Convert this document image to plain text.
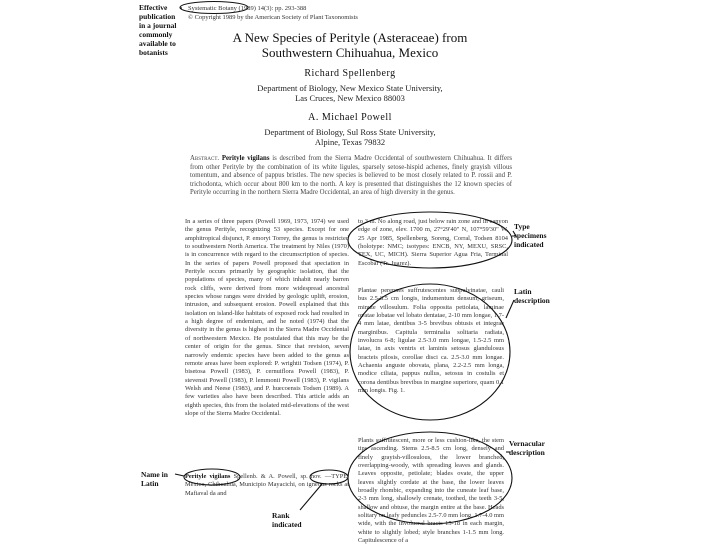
Effective publication in a journal commonly available to botanists
Type specimens indicated
Latin description
Vernacular description
Name in Latin
Rank indicated
Systematic Botany (1989) 14(3): pp. 293-388
© Copyright 1989 by the American Society of Plant Taxonomists
A New Species of Perityle (Asteraceae) from
Southwestern Chihuahua, Mexico
Richard Spellenberg
Department of Biology, New Mexico State University,
Las Cruces, New Mexico 88003
A. Michael Powell
Department of Biology, Sul Ross State University,
Alpine, Texas 79832
Abstract. Perityle vigilans is described from the Sierra Madre Occidental of southwestern Chihuahua. It differs from other Perityle by the combination of its white ligules, sparsely setose-hispid achenes, finely grayish villous tomentum, and absence of pappus bristles. The new species is believed to be most closely related to P. rossii and P. trichodonta, which occur about 800 km to the north. A key is presented that distinguishes the 12 known species of Perityle occurring in the northern Sierra Madre Occidental, an area of high diversity in the genus.

In a series of three papers (Powell 1969, 1973, 1974) we used the genus Perityle, recognizing 53 species. Except for one amphitropical disjunct, P. emoryi Torrey, the genus is restricted to southwestern North America. The treatment by Niles (1970) is in concurrence with regard to the circumscription of species. In the series of papers Powell proposed that speciation in Perityle occurs primarily by geographic isolation, that the populations of species, many of which inhabit nearly barren rock cliffs, were derived from more widespread ancestral species whose ranges were divided by geologic uplift, erosion, intrusion, and subsequent erosion. Powell explained that this isolation on island-like habitats of exposed rock had resulted in a high degree of endemism, and he noted (1974) that the diversity in the genus is highest in the Sierra Madre Occidental of northwestern Mexico. He postulated that this may be the center of origin for the genus. Since that revision, seven narrowly endemic species have been added to the genus as remote areas have been explored: P. wrightii Todsen (1974), P. bisetosa Powell (1983), P. cernuiflora Powell (1983), P. stevensii Powell (1983), P. lemmonii Powell (1983), P. vigilans Welsh and Neese (1983), and P. huecoensis Todsen (1989). A few varieties also have been described. This article adds an eighth species, this from the isolated mid-elevations of the west slope of the Sierra Madre Occidental.

Perityle vigilans Spellenb. & A. Powell, sp. nov. —TYPE: Mexico, Chihuahua, Municipio Mayacichi, on igneous rocks at Mafiaval da and

to 3 m. No along road, just below rain zone and in canyon edge of zone, elev. 1700 m, 27°29'40" N, 107°59'30" W, 25 Apr 1985, Spellenberg, Soreng, Corral, Todsen 8104 (holotype: NMC; isotypes: ENCB, NY, MEXU, SRSC, TEX, UC, MICH). Sierra Superior Agua Fria, Terminal Escobar (Tr. Juarez).

Plantae perennes suffrutescentes subpulvinatae, cauli bus 2.5-8.5 cm longis, indumentum densum, griseum, minute villosulum. Folia opposita petiolata, laminae ovatae lobatae vel lobato dentatae, 2-10 mm longae, 1.7-4 mm latae, dentibus 3-5 brevibus obtusis et integrae marginibus. Capitula terminalia solitaria radiata, involucra 6-8; ligulae 2.5-3.0 mm longae, 1.5-2.5 mm latae, in axis ventris et laminis setosus glandulosus bracteis pilosis, corollae disci ca. 2.5-3.0 mm longae. Achaenia anguste obovata, plana, 2.2-2.5 mm longa, modice ciliata, pappus nullus, setosus in costulis et corona dentibus brevibus in margine superiore, quam 0.1 mm longis. Fig. 1.

Plants suffrutescent, more or less cushion-like, the stem tips ascending. Stems 2.5-8.5 cm long, densely and finely grayish-villosulous, the lower branched, overlapping-woody, with spreading leaves and glands. Leaves opposite, petiolate; blades ovate, the upper leaves slightly cordate at the base, the lower leaves broadly rhombic, expanding into the cuneate leaf base, 2-3 mm long, shallowly crenate, toothed, the teeth 3-5, shallow and obtuse, the margin entire at the base. Heads solitary on leafy peduncles 2.5-7.0 mm long, 1.7-4.0 mm wide, with the involucral bracts 15-18 in each margin, white to slightly lobed; style branches 1-1.5 mm long. Capitulescence of a
